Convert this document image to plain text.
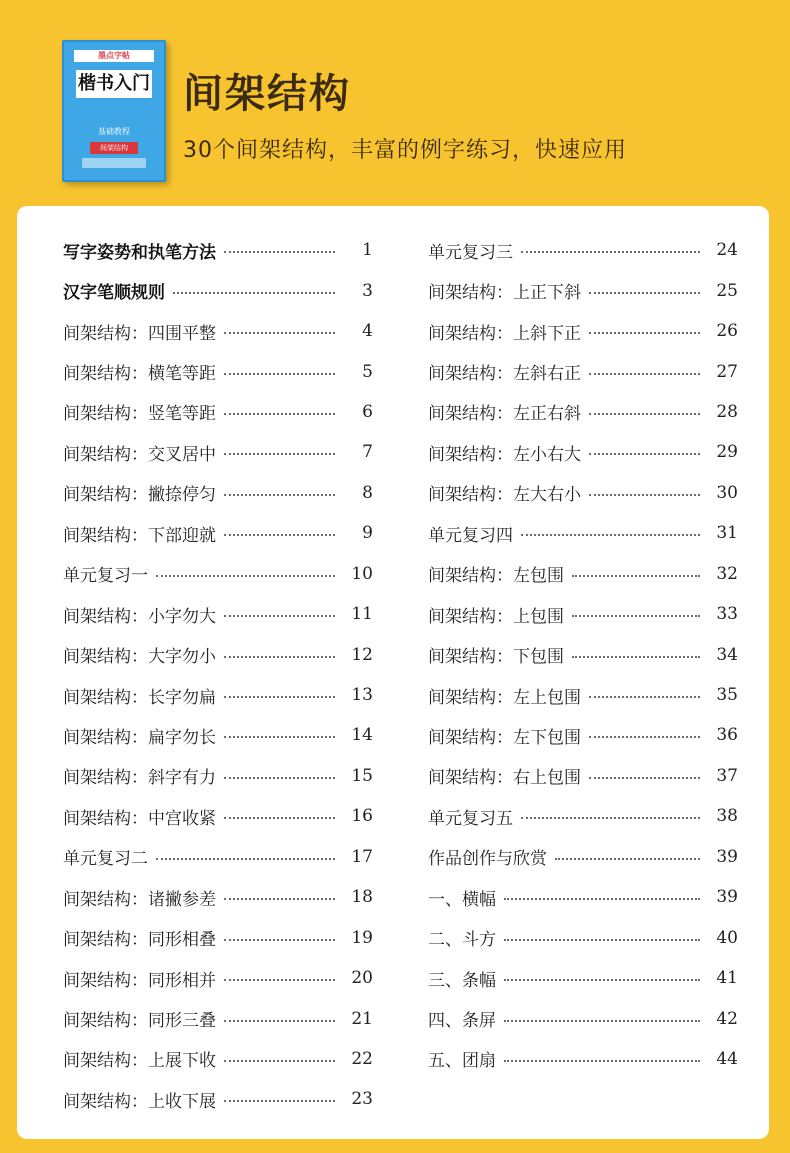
墨点字帖
楷书入门
基础教程
间架结构
间架结构
30个间架结构，丰富的例字练习，快速应用
写字姿势和执笔方法	1
汉字笔顺规则	3
间架结构：四围平整	4
间架结构：横笔等距	5
间架结构：竖笔等距	6
间架结构：交叉居中	7
间架结构：撇捺停匀	8
间架结构：下部迎就	9
单元复习一	10
间架结构：小字勿大	11
间架结构：大字勿小	12
间架结构：长字勿扁	13
间架结构：扁字勿长	14
间架结构：斜字有力	15
间架结构：中宫收紧	16
单元复习二	17
间架结构：诸撇参差	18
间架结构：同形相叠	19
间架结构：同形相并	20
间架结构：同形三叠	21
间架结构：上展下收	22
间架结构：上收下展	23
单元复习三	24
间架结构：上正下斜	25
间架结构：上斜下正	26
间架结构：左斜右正	27
间架结构：左正右斜	28
间架结构：左小右大	29
间架结构：左大右小	30
单元复习四	31
间架结构：左包围	32
间架结构：上包围	33
间架结构：下包围	34
间架结构：左上包围	35
间架结构：左下包围	36
间架结构：右上包围	37
单元复习五	38
作品创作与欣赏	39
一、横幅	39
二、斗方	40
三、条幅	41
四、条屏	42
五、团扇	44
